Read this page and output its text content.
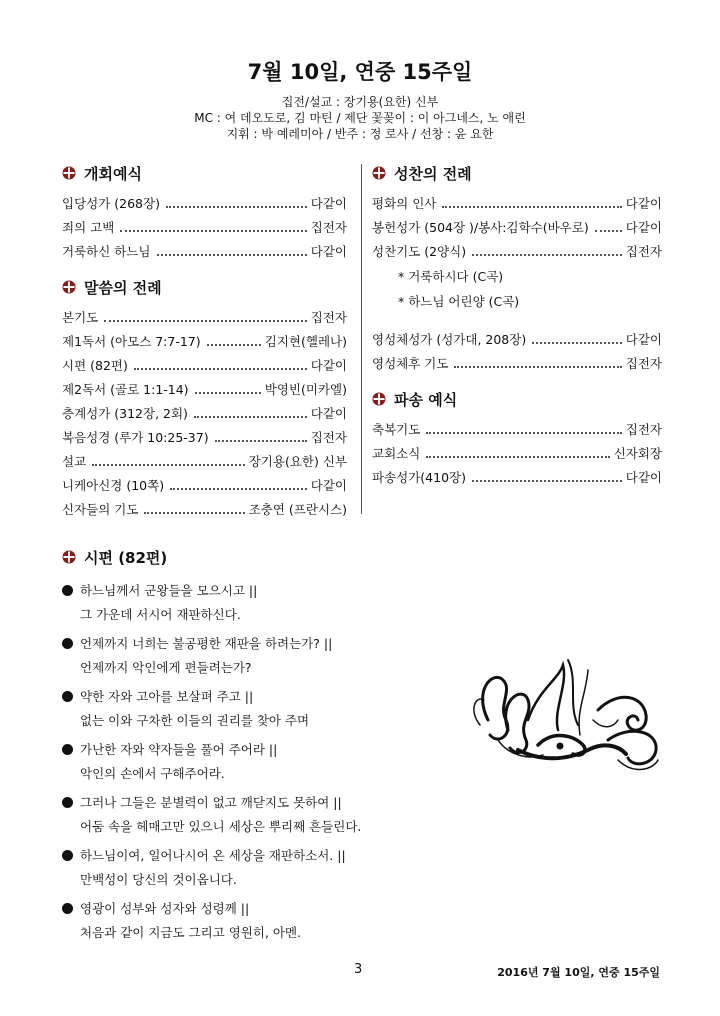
7월 10일, 연중 15주일
집전/설교 : 장기용(요한) 신부
MC : 여 데오도로, 김 마틴 / 제단 꽃꽂이 : 이 아그네스, 노 애린
지휘 : 박 예레미아 / 반주 : 정 로사 / 선창 : 윤 요한
개회예식
입당성가 (268장)	다같이
죄의 고백	집전자
거룩하신 하느님	다같이
말씀의 전례
본기도	집전자
제1독서 (아모스 7:7-17)	김지현(헬레나)
시편 (82편)	다같이
제2독서 (골로 1:1-14)	박영빈(미카엘)
층계성가 (312장, 2회)	다같이
복음성경 (루가 10:25-37)	집전자
설교	장기용(요한) 신부
니케아신경 (10쪽)	다같이
신자들의 기도	조충연 (프란시스)
성찬의 전례
평화의 인사	다같이
봉헌성가 (504장 )/봉사:김학수(바우로)	다같이
성찬기도 (2양식)	집전자
* 거룩하시다 (C곡)
* 하느님 어린양 (C곡)
영성체성가 (성가대, 208장)	다같이
영성체후 기도	집전자
파송 예식
축복기도	집전자
교회소식	신자회장
파송성가(410장)	다같이
시편 (82편)
하느님께서 군왕들을 모으시고 ||
그 가운데 서시어 재판하신다.
언제까지 너희는 불공평한 재판을 하려는가? ||
언제까지 악인에게 편들려는가?
약한 자와 고아를 보살펴 주고 ||
없는 이와 구차한 이들의 권리를 찾아 주며
가난한 자와 약자들을 풀어 주어라 ||
악인의 손에서 구해주어라.
그러나 그들은 분별력이 없고 깨닫지도 못하여 ||
어둠 속을 헤매고만 있으니 세상은 뿌리째 흔들린다.
하느님이여, 일어나시어 온 세상을 재판하소서. ||
만백성이 당신의 것이옵니다.
영광이 성부와 성자와 성령께 ||
처음과 같이 지금도 그리고 영원히, 아멘.
3	2016년 7월 10일, 연중 15주일
